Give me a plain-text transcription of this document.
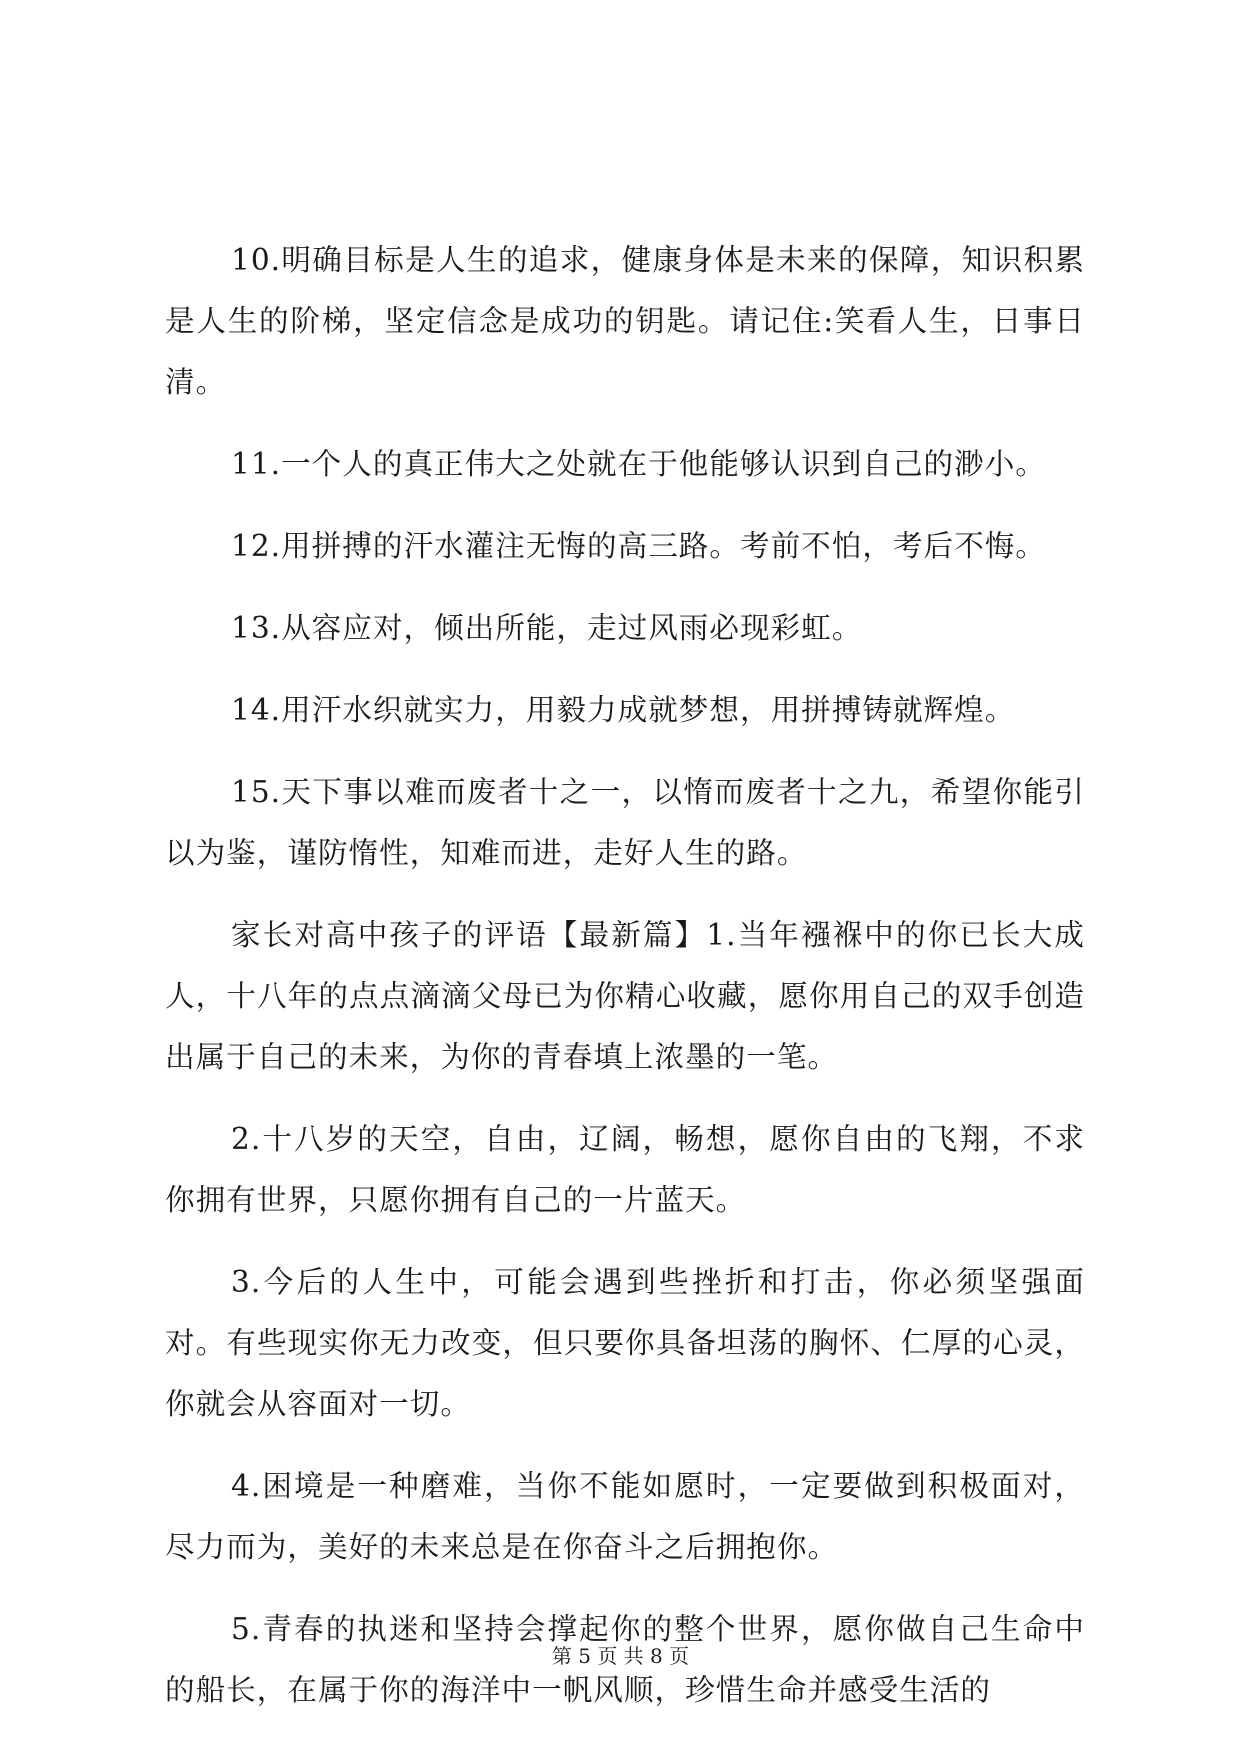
10.明确目标是人生的追求，健康身体是未来的保障，知识积累是人生的阶梯，坚定信念是成功的钥匙。请记住:笑看人生，日事日清。

11.一个人的真正伟大之处就在于他能够认识到自己的渺小。

12.用拼搏的汗水灌注无悔的高三路。考前不怕，考后不悔。

13.从容应对，倾出所能，走过风雨必现彩虹。

14.用汗水织就实力，用毅力成就梦想，用拼搏铸就辉煌。

15.天下事以难而废者十之一，以惰而废者十之九，希望你能引以为鉴，谨防惰性，知难而进，走好人生的路。

家长对高中孩子的评语【最新篇】1.当年襁褓中的你已长大成人，十八年的点点滴滴父母已为你精心收藏，愿你用自己的双手创造出属于自己的未来，为你的青春填上浓墨的一笔。

2.十八岁的天空，自由，辽阔，畅想，愿你自由的飞翔，不求你拥有世界，只愿你拥有自己的一片蓝天。

3.今后的人生中，可能会遇到些挫折和打击，你必须坚强面对。有些现实你无力改变，但只要你具备坦荡的胸怀、仁厚的心灵，你就会从容面对一切。

4.困境是一种磨难，当你不能如愿时，一定要做到积极面对，尽力而为，美好的未来总是在你奋斗之后拥抱你。

5.青春的执迷和坚持会撑起你的整个世界，愿你做自己生命中的船长，在属于你的海洋中一帆风顺，珍惜生命并感受生活的

第 5 页 共 8 页
